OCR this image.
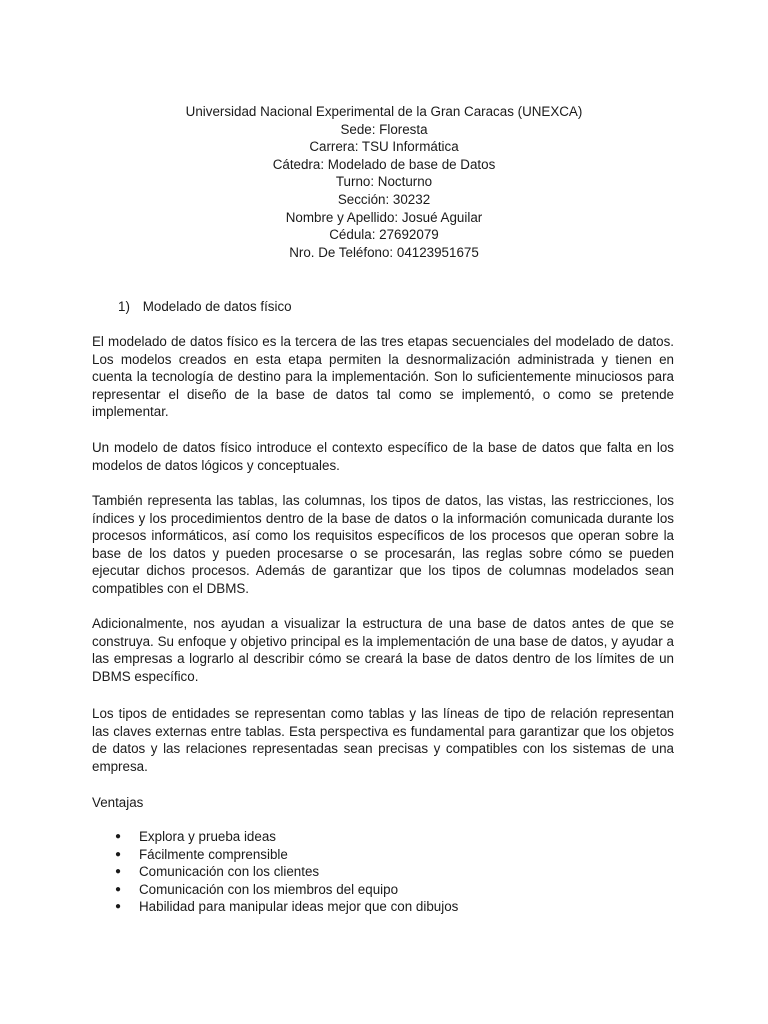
Universidad Nacional Experimental de la Gran Caracas (UNEXCA)
Sede: Floresta
Carrera: TSU Informática
Cátedra: Modelado de base de Datos
Turno: Nocturno
Sección: 30232
Nombre y Apellido: Josué Aguilar
Cédula: 27692079
Nro. De Teléfono: 04123951675
1) Modelado de datos físico

El modelado de datos físico es la tercera de las tres etapas secuenciales del modelado de datos. Los modelos creados en esta etapa permiten la desnormalización administrada y tienen en cuenta la tecnología de destino para la implementación. Son lo suficientemente minuciosos para representar el diseño de la base de datos tal como se implementó, o como se pretende implementar.

Un modelo de datos físico introduce el contexto específico de la base de datos que falta en los modelos de datos lógicos y conceptuales.

También representa las tablas, las columnas, los tipos de datos, las vistas, las restricciones, los índices y los procedimientos dentro de la base de datos o la información comunicada durante los procesos informáticos, así como los requisitos específicos de los procesos que operan sobre la base de los datos y pueden procesarse o se procesarán, las reglas sobre cómo se pueden ejecutar dichos procesos. Además de garantizar que los tipos de columnas modelados sean compatibles con el DBMS.

Adicionalmente, nos ayudan a visualizar la estructura de una base de datos antes de que se construya. Su enfoque y objetivo principal es la implementación de una base de datos, y ayudar a las empresas a lograrlo al describir cómo se creará la base de datos dentro de los límites de un DBMS específico.

Los tipos de entidades se representan como tablas y las líneas de tipo de relación representan las claves externas entre tablas. Esta perspectiva es fundamental para garantizar que los objetos de datos y las relaciones representadas sean precisas y compatibles con los sistemas de una empresa.

Ventajas

● Explora y prueba ideas
● Fácilmente comprensible
● Comunicación con los clientes
● Comunicación con los miembros del equipo
● Habilidad para manipular ideas mejor que con dibujos
